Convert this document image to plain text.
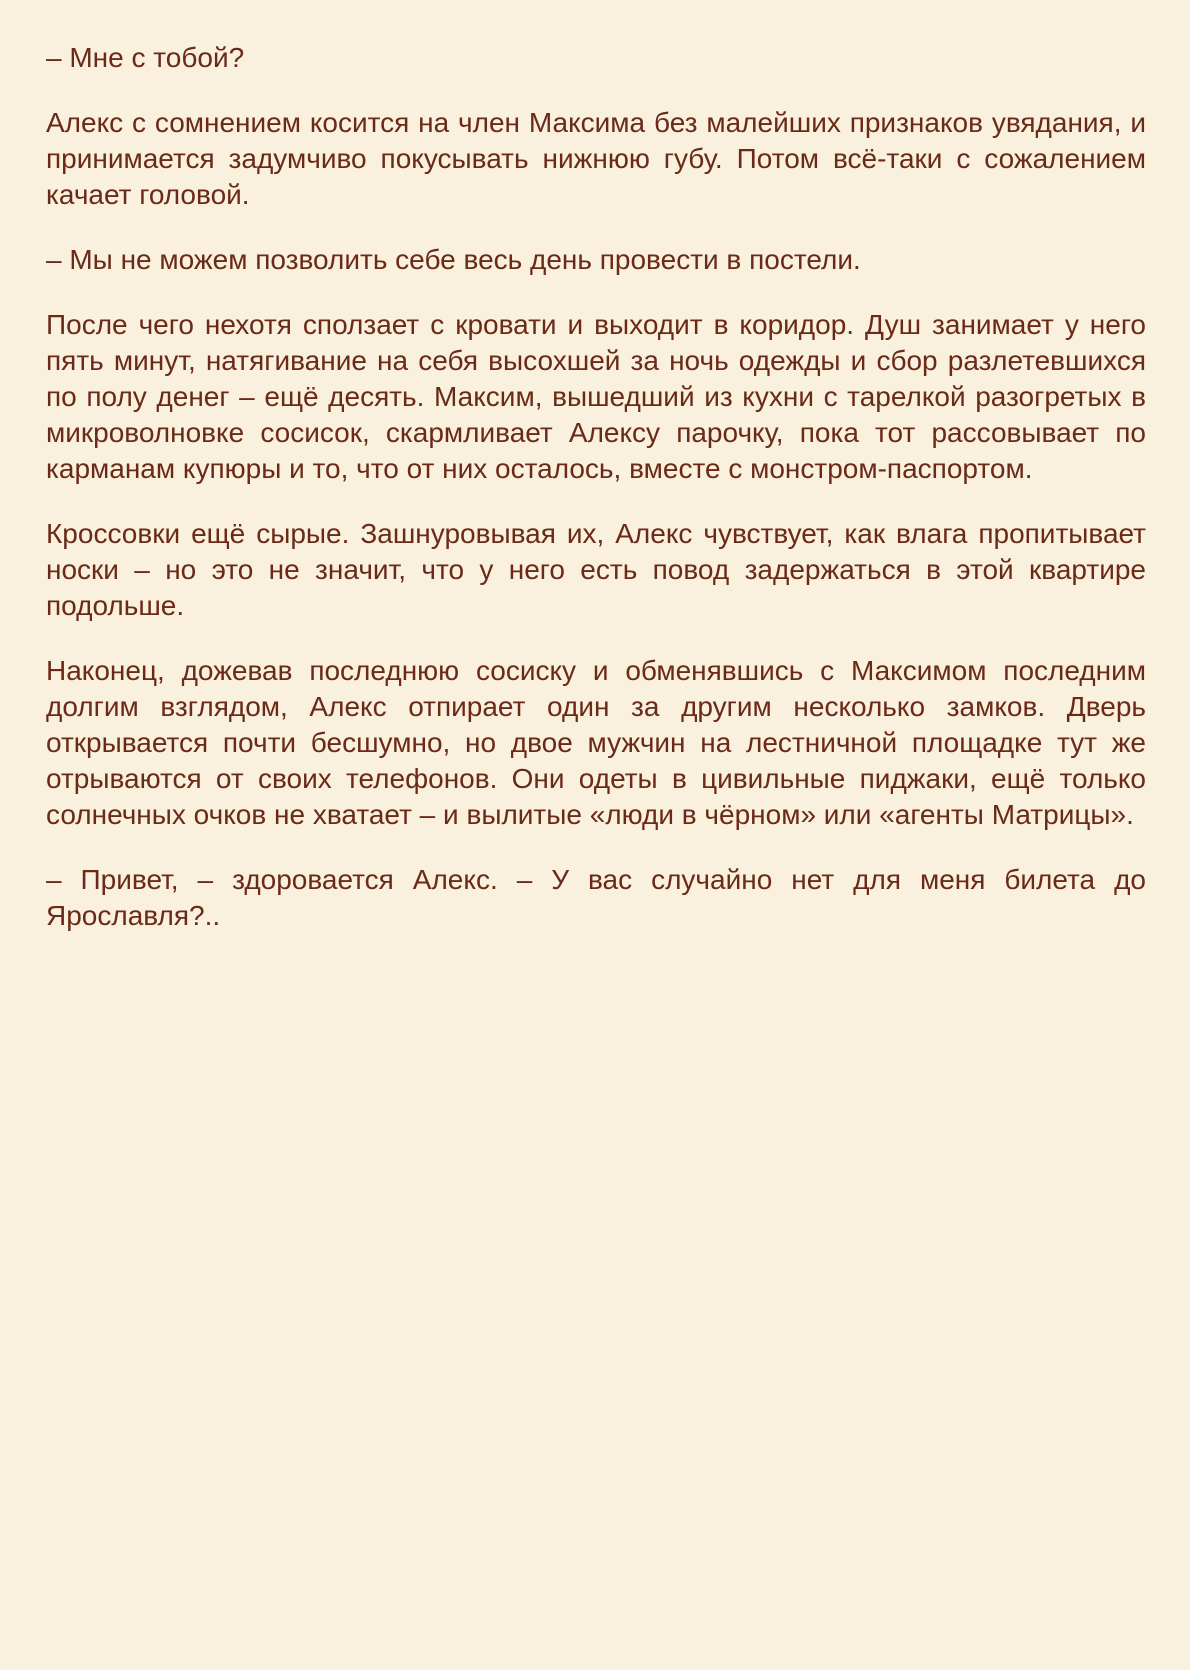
– Мне с тобой?

Алекс с сомнением косится на член Максима без малейших признаков увядания, и принимается задумчиво покусывать нижнюю губу. Потом всё-таки с сожалением качает головой.

– Мы не можем позволить себе весь день провести в постели.

После чего нехотя сползает с кровати и выходит в коридор. Душ занимает у него пять минут, натягивание на себя высохшей за ночь одежды и сбор разлетевшихся по полу денег – ещё десять. Максим, вышедший из кухни с тарелкой разогретых в микроволновке сосисок, скармливает Алексу парочку, пока тот рассовывает по карманам купюры и то, что от них осталось, вместе с монстром-паспортом.

Кроссовки ещё сырые. Зашнуровывая их, Алекс чувствует, как влага пропитывает носки – но это не значит, что у него есть повод задержаться в этой квартире подольше.

Наконец, дожевав последнюю сосиску и обменявшись с Максимом последним долгим взглядом, Алекс отпирает один за другим несколько замков. Дверь открывается почти бесшумно, но двое мужчин на лестничной площадке тут же отрываются от своих телефонов. Они одеты в цивильные пиджаки, ещё только солнечных очков не хватает – и вылитые «люди в чёрном» или «агенты Матрицы».

– Привет, – здоровается Алекс. – У вас случайно нет для меня билета до Ярославля?..
